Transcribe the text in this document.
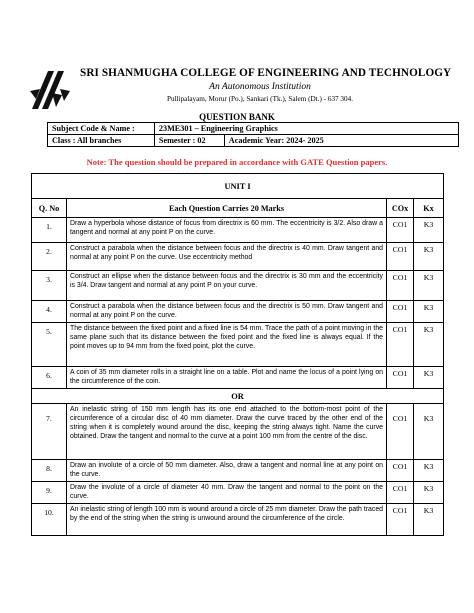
SRI SHANMUGHA COLLEGE OF ENGINEERING AND TECHNOLOGY
An Autonomous Institution
Pullipalayam, Morur (Po.), Sankari (Tk.), Salem (Dt.) - 637 304.
QUESTION BANK
Subject Code & Name :	23ME301 – Engineering Graphics	
Class : All branches	Semester : 02	Academic Year: 2024- 2025
Note: The question should be prepared in accordance with GATE Question papers.
UNIT I			
Q. No	Each Question Carries 20 Marks	COx	Kx
1.	Draw a hyperbola whose distance of focus from directrix is 60 mm. The eccentricity is 3/2. Also draw a tangent and normal at any point P on the curve.	CO1	K3
2.	Construct a parabola when the distance between focus and the directrix is 40 mm. Draw tangent and normal at any point P on the curve. Use eccentricity method	CO1	K3
3.	Construct an ellipse when the distance between focus and the directrix is 30 mm and the eccentricity is 3/4. Draw tangent and normal at any point P on your curve.	CO1	K3
4.	Construct a parabola when the distance between focus and the directrix is 50 mm. Draw tangent and normal at any point P on the curve.	CO1	K3
5.	The distance between the fixed point and a fixed line is 54 mm. Trace the path of a point moving in the same plane such that its distance between the fixed point and the fixed line is always equal. If the point moves up to 94 mm from the fixed point, plot the curve.	CO1	K3
6.	A coin of 35 mm diameter rolls in a straight line on a table. Plot and name the locus of a point lying on the circumference of the coin.	CO1	K3
OR			
7.	An inelastic string of 150 mm length has its one end attached to the bottom-most point of the circumference of a circular disc of 40 mm diameter. Draw the curve traced by the other end of the string when it is completely wound around the disc, keeping the string always tight. Name the curve obtained. Draw the tangent and normal to the curve at a point 100 mm from the centre of the disc.	CO1	K3
8.	Draw an involute of a circle of 50 mm diameter. Also, draw a tangent and normal line at any point on the curve.	CO1	K3
9.	Draw the involute of a circle of diameter 40 mm. Draw the tangent and normal to the point on the curve.	CO1	K3
10.	An inelastic string of length 100 mm is wound around a circle of 25 mm diameter. Draw the path traced by the end of the string when the string is unwound around the circumference of the circle.	CO1	K3
